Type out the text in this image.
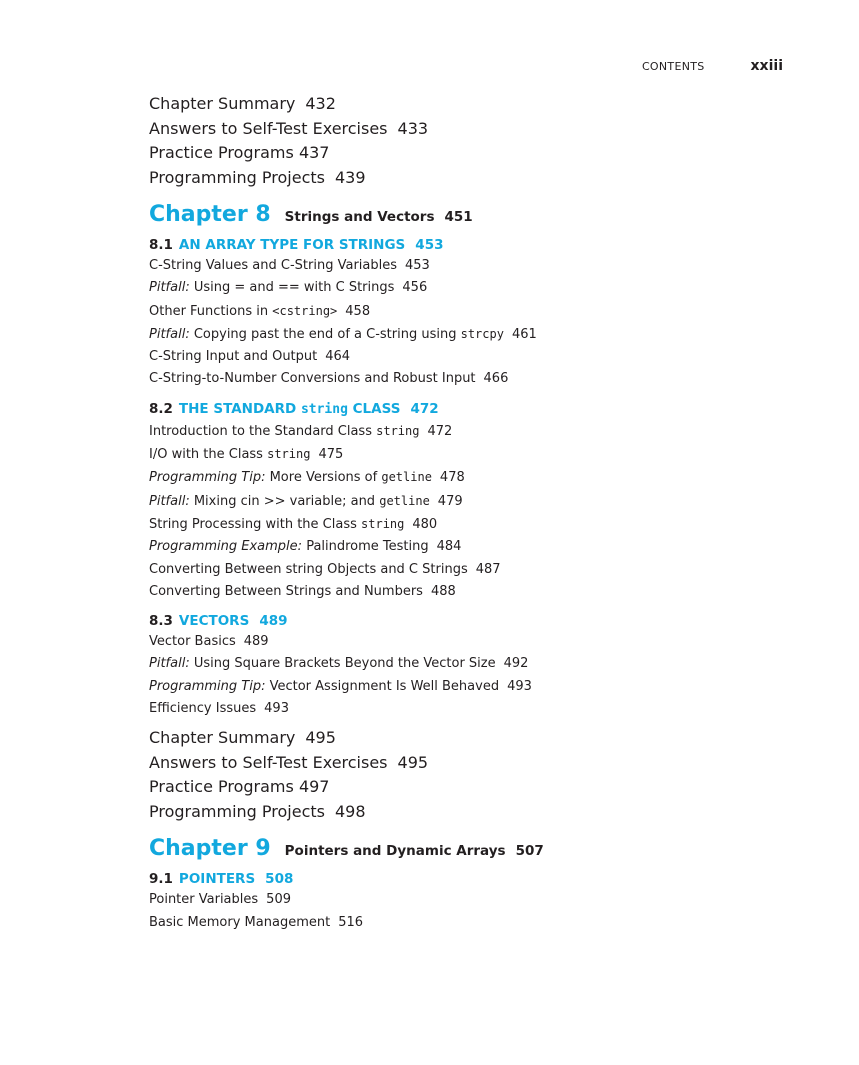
CONTENTS	xxiii
Chapter Summary 432
Answers to Self-Test Exercises 433
Practice Programs 437
Programming Projects 439
Chapter 8 Strings and Vectors 451
8.1 AN ARRAY TYPE FOR STRINGS 453
C-String Values and C-String Variables 453
Pitfall: Using = and == with C Strings 456
Other Functions in <cstring> 458
Pitfall: Copying past the end of a C-string using strcpy 461
C-String Input and Output 464
C-String-to-Number Conversions and Robust Input 466
8.2 THE STANDARD string CLASS 472
Introduction to the Standard Class string 472
I/O with the Class string 475
Programming Tip: More Versions of getline 478
Pitfall: Mixing cin >> variable; and getline 479
String Processing with the Class string 480
Programming Example: Palindrome Testing 484
Converting Between string Objects and C Strings 487
Converting Between Strings and Numbers 488
8.3 VECTORS 489
Vector Basics 489
Pitfall: Using Square Brackets Beyond the Vector Size 492
Programming Tip: Vector Assignment Is Well Behaved 493
Efficiency Issues 493
Chapter Summary 495
Answers to Self-Test Exercises 495
Practice Programs 497
Programming Projects 498
Chapter 9 Pointers and Dynamic Arrays 507
9.1 POINTERS 508
Pointer Variables 509
Basic Memory Management 516
